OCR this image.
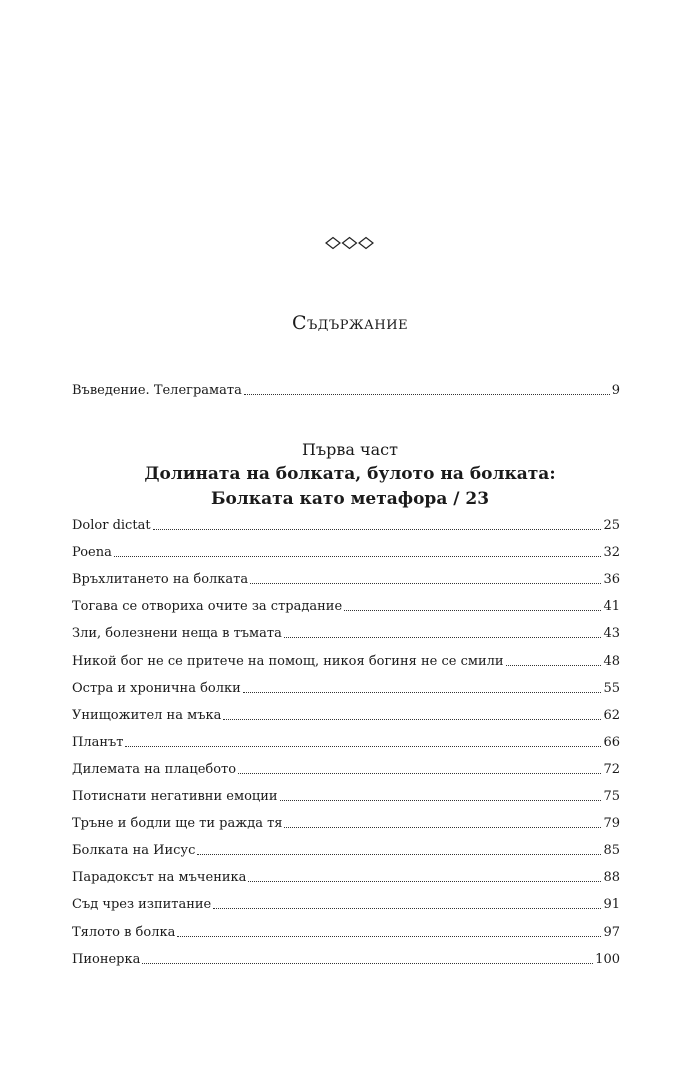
Съдържание
Въведение. Телеграмата	9
Първа част
Долината на болката, булото на болката:
Болката като метафора / 23
Dolor dictat	25
Poena	32
Връхлитането на болката	36
Тогава се отвориха очите за страдание	41
Зли, болезнени неща в тъмата	43
Никой бог не се притече на помощ, никоя богиня не се смили	48
Остра и хронична болки	55
Унищожител на мъка	62
Планът	66
Дилемата на плацебото	72
Потиснати негативни емоции	75
Тръне и бодли ще ти ражда тя	79
Болката на Иисус	85
Парадоксът на мъченика	88
Съд чрез изпитание	91
Тялото в болка	97
Пионерка	100
